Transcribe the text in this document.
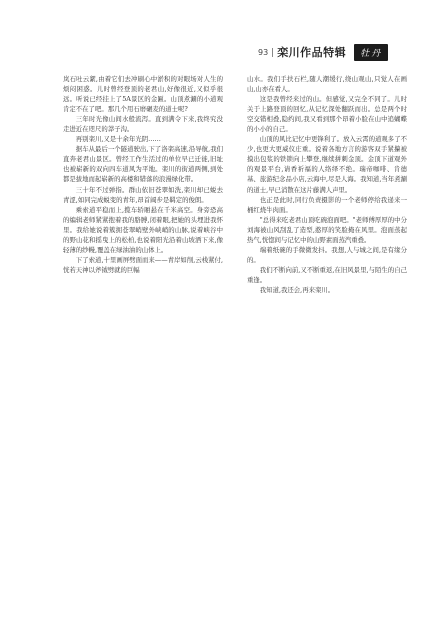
93 栾川作品特辑	牡丹

岚石吐云絮,由着它们去冲刷心中淤积的对眼场对人生的烦闷困惑。儿时曾经登顶的老君山,好像很近,又似乎很远。听说已经挂上了5A景区的金匾。山顶煮涮的小道观肯定不在了吧。那几个用石磨碾麦的道士呢?

三年时光像山间水般流泻。直到满令下来,我终究没走进近在咫尺的莽子沟。

再别栾川,又是十余年光阴……

据车从最后一个隧道驶出,下了洛栾高速,沿导航,我们直奔老君山景区。曾经工作生活过的单位早已迁徙,旧址也被崭新的双向四车道风为平地。栾川的街道两侧,到处都是拔地而起崭新的高楼和错落的浪漫绿化带。

三十年不过弹指。群山依旧苍翠如洗,栾川却已蜕去青涩,如同完成蜕变的青年,昂首阔步是羁定的俊朗。

乘索道平稳而上,揽车轿厢悬在千米高空。身旁恐高的编辑老师紧紧抱着我的胳膊,闭着眼,把她的头埋进我怀里。我给她说着簇拥苍翠峭壁外峡峭的山脉,说着峡谷中的野山花和摇曳上的松柏,也说着阳光沿着山坡洒下来,像轻薄的纱幔,覆盖在绿油油的山体上。

下了索道,十里画屏劈面而来——青岸如削,云栈紧付,恍若天神以斧钺劈就的巨幅

山水。我们手扶石栏,随人潮缓行,绕山观山,只觉人在画山,山亦在看人。

这是我曾经来过的山。但感觉,又完全不同了。儿时关于上路登顶的回忆,从记忆深处翻跃而出。总是两个时空交错相叠,隐约间,我又看到那个昂着小脸在山中追蝴蝶的小小的自己。

山顶的风比记忆中更锋利了。放入云霄的道观多了不少,也更大更威仪庄重。说着各地方言的游客双手紧攥被摸出包浆的铁锁向上攀登,继续拼刺金顶。金顶下道观外的观景平台,请香祈福的人络绎不绝。瑞帝咖啡、肯德基、旅游纪念品小店,云海中,尽是人海。我知道,当年煮涮的道士,早已消散在这片藤满人声里。

也正是此时,同行负责摄影的一个老师停给我递来一桶红烧牛肉面。

"总得来吃老君山顶吃碗泡面吧。"老师傅厚厚的中分刘海被山风刮乱了造型,憨厚的笑脸掩在风里。泡面蒸起热气,恍惚间与记忆中的山野素面蒸汽重叠。

端着纸碗的手微微发抖。我想,人与城之间,是有缘分的。

我们不断向前,又不断重返,在旧风景里,与陌生的自己重逢。

我知道,我还会,再来栾川。
